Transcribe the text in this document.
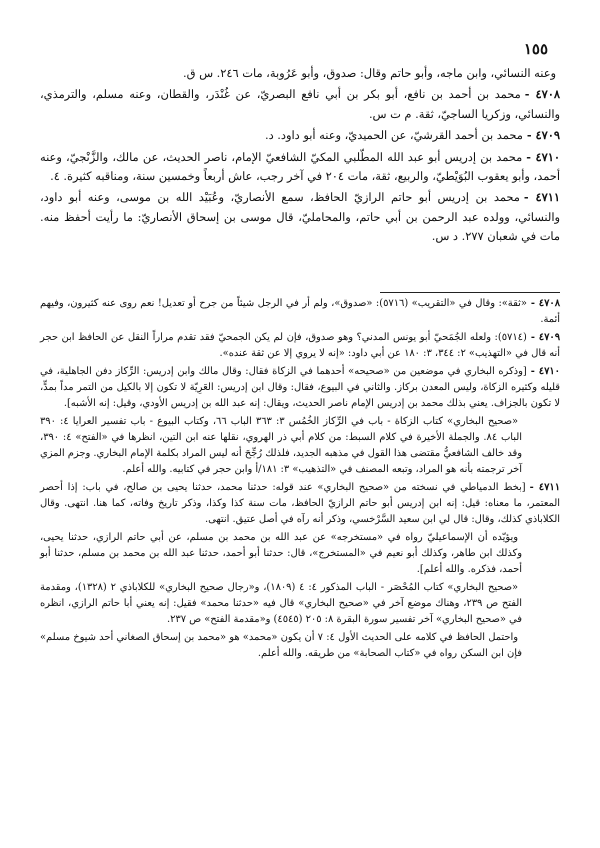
١٥٥

وعنه النسائي، وابن ماجه، وأبو حاتم وقال: صدوق، وأبو عَرُوبة، مات ٢٤٦. س ق.

٤٧٠٨ -محمد بن أحمد بن نافع، أبو بكر بن أبي نافع البصريّ، عن غُنْدَر، والقطان، وعنه مسلم، والترمذي، والنسائي، وزكريا الساجيّ، ثقة. م ت س.

٤٧٠٩ -محمد بن أحمد القرشيّ، عن الحميديّ، وعنه أبو داود. د.

٤٧١٠ -محمد بن إدريس أبو عبد الله المطّلبي المكيّ الشافعيّ الإمام، ناصر الحديث، عن مالك، والزَّنْجيّ، وعنه أحمد، وأبو يعقوب البُوَيْطيّ، والربيع، ثقة، مات ٢٠٤ في آخر رجب، عاش أربعاً وخمسين سنة، ومناقبه كثيرة. ٤.

٤٧١١ -محمد بن إدريس أبو حاتم الرازيّ الحافظ، سمع الأنصاريّ، وعُبَيْد الله بن موسى، وعنه أبو داود، والنسائي، وولده عبد الرحمن بن أبي حاتم، والمحامليّ، قال موسى بن إسحاق الأنصاريّ: ما رأيت أحفظ منه. مات في شعبان ٢٧٧. د س.

٤٧٠٨ -«ثقة»: وقال في «التقريب» (٥٧١٦): «صدوق»، ولم أر في الرجل شيئاً من جرح أو تعديل! نعم روى عنه كثيرون، وفيهم أئمة.

٤٧٠٩ -(٥٧١٤): ولعله الجُمَحيّ أبو يونس المدني؟ وهو صدوق، فإن لم يكن الجمحيّ فقد تقدم مراراً النقل عن الحافظ ابن حجر أنه قال في «التهذيب» ٢: ٣٤٤، ٣: ١٨٠ عن أبي داود: «إنه لا يروي إلا عن ثقة عنده».

٤٧١٠ -[وذكره البخاري في موضعين من «صحيحه» أحدهما في الزكاة فقال: وقال مالك وابن إدريس: الرِّكاز دفن الجاهلية، في قليله وكثيره الزكاة، وليس المعدن بركاز. والثاني في البيوع، فقال: وقال ابن إدريس: العَرِيّة لا تكون إلا بالكيل من التمر مداً بمدٍّ، لا تكون بالجزاف. يعني بذلك محمد بن إدريس الإمام ناصر الحديث، ويقال: إنه عبد الله بن إدريس الأودي، وقيل: إنه الأشبه].

«صحيح البخاري» كتاب الزكاة - باب في الرِّكاز الخُمُس ٣: ٣٦٣ الباب ٦٦، وكتاب البيوع - باب تفسير العرايا ٤: ٣٩٠ الباب ٨٤. والجملة الأخيرة في كلام السبط: من كلام أبي ذر الهروي، نقلها عنه ابن التين، انظرها في «الفتح» ٤: ٣٩٠، وقد خالف الشافعيُّ مقتضى هذا القول في مذهبه الجديد، فلذلك رُجِّحَ أنه ليس المراد بكلمة الإمام البخاري. وجزم المزي آخر ترجمته بأنه هو المراد، وتبعه المصنف في «التذهيب» ٣: ١٨١/أ وابن حجر في كتابيه. والله أعلم.

٤٧١١ -[بخط الدمياطي في نسخته من «صحيح البخاري» عند قوله: حدثنا محمد، حدثنا يحيى بن صالح، في باب: إذا أحصر المعتمر، ما معناه: قيل: إنه ابن إدريس أبو حاتم الرازيّ الحافظ، مات سنة كذا وكذا، وذكر تاريخ وفاته، كما هنا. انتهى. وقال الكلاباذي كذلك، وقال: قال لي ابن سعيد السَّرْخسي، وذكر أنه رآه في أصل عتيق. انتهى.

ويؤيّده أن الإسماعيليّ رواه في «مستخرجه» عن عبد الله بن محمد بن مسلم، عن أبي حاتم الرازي، حدثنا يحيى، وكذلك ابن طاهر، وكذلك أبو نعيم في «المستخرج»، قال: حدثنا أبو أحمد، حدثنا عبد الله بن محمد بن مسلم، حدثنا أبو أحمد، فذكره. والله أعلم].

«صحيح البخاري» كتاب المُحْصَر - الباب المذكور ٤: ٤ (١٨٠٩)، و«رجال صحيح البخاري» للكلاباذي ٢ (١٣٢٨)، ومقدمة الفتح ص ٢٣٩، وهناك موضع آخر في «صحيح البخاري» قال فيه «حدثنا محمد» فقيل: إنه يعني أبا حاتم الرازي، انظره في «صحيح البخاري» آخر تفسير سورة البقرة ٨: ٢٠٥ (٤٥٤٥) و«مقدمة الفتح» ص ٢٣٧.

واحتمل الحافظ في كلامه على الحديث الأول ٤: ٧ أن يكون «محمد» هو «محمد بن إسحاق الصغاني أحد شيوخ مسلم» فإن ابن السكن رواه في «كتاب الصحابة» من طريقه. والله أعلم.
